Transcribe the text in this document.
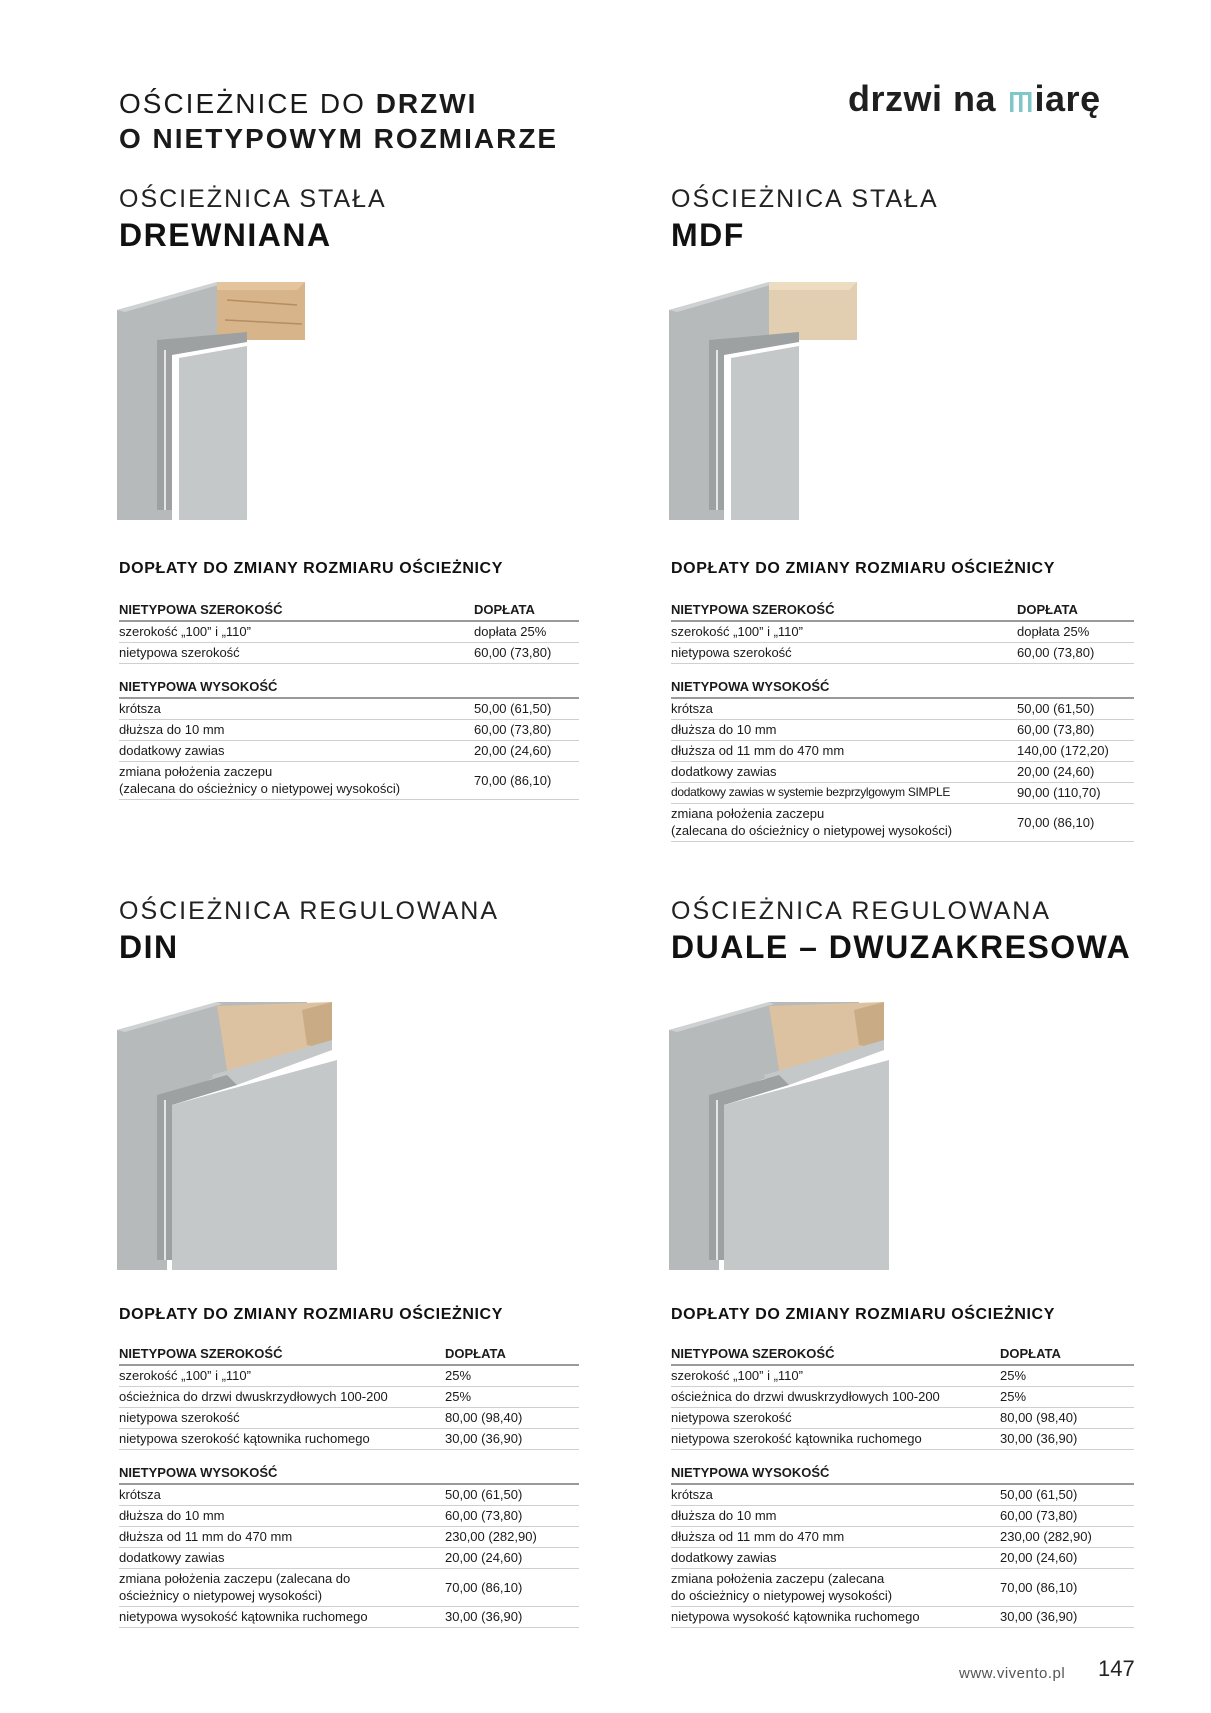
OŚCIEŻNICE DO DRZWI
O NIETYPOWYM ROZMIARZE
drzwi na iarę
OŚCIEŻNICA STAŁA
DREWNIANA
DOPŁATY DO ZMIANY ROZMIARU OŚCIEŻNICY
NIETYPOWA SZEROKOŚĆ	DOPŁATA
szerokość „100” i „110”	dopłata 25%
nietypowa szerokość	60,00 (73,80)
NIETYPOWA WYSOKOŚĆ	
krótsza	50,00 (61,50)
dłuższa do 10 mm	60,00 (73,80)
dodatkowy zawias	20,00 (24,60)

zmiana położenia zaczepu
(zalecana do ościeżnicy o nietypowej wysokości)	70,00 (86,10)
OŚCIEŻNICA STAŁA
MDF
DOPŁATY DO ZMIANY ROZMIARU OŚCIEŻNICY
NIETYPOWA SZEROKOŚĆ	DOPŁATA
szerokość „100” i „110”	dopłata 25%
nietypowa szerokość	60,00 (73,80)
NIETYPOWA WYSOKOŚĆ	
krótsza	50,00 (61,50)
dłuższa do 10 mm	60,00 (73,80)
dłuższa od 11 mm do 470 mm	140,00 (172,20)
dodatkowy zawias	20,00 (24,60)
dodatkowy zawias w systemie bezprzylgowym SIMPLE	90,00 (110,70)

zmiana położenia zaczepu
(zalecana do ościeżnicy o nietypowej wysokości)	70,00 (86,10)
OŚCIEŻNICA REGULOWANA
DIN
DOPŁATY DO ZMIANY ROZMIARU OŚCIEŻNICY
NIETYPOWA SZEROKOŚĆ	DOPŁATA
szerokość „100” i „110”	25%
ościeżnica do drzwi dwuskrzydłowych 100-200	25%
nietypowa szerokość	80,00 (98,40)
nietypowa szerokość kątownika ruchomego	30,00 (36,90)
NIETYPOWA WYSOKOŚĆ	
krótsza	50,00 (61,50)
dłuższa do 10 mm	60,00 (73,80)
dłuższa od 11 mm do 470 mm	230,00 (282,90)
dodatkowy zawias	20,00 (24,60)

zmiana położenia zaczepu (zalecana do
ościeżnicy o nietypowej wysokości)	70,00 (86,10)
nietypowa wysokość kątownika ruchomego	30,00 (36,90)
OŚCIEŻNICA REGULOWANA
DUALE – DWUZAKRESOWA
DOPŁATY DO ZMIANY ROZMIARU OŚCIEŻNICY
NIETYPOWA SZEROKOŚĆ	DOPŁATA
szerokość „100” i „110”	25%
ościeżnica do drzwi dwuskrzydłowych 100-200	25%
nietypowa szerokość	80,00 (98,40)
nietypowa szerokość kątownika ruchomego	30,00 (36,90)
NIETYPOWA WYSOKOŚĆ	
krótsza	50,00 (61,50)
dłuższa do 10 mm	60,00 (73,80)
dłuższa od 11 mm do 470 mm	230,00 (282,90)
dodatkowy zawias	20,00 (24,60)

zmiana położenia zaczepu (zalecana
do ościeżnicy o nietypowej wysokości)	70,00 (86,10)
nietypowa wysokość kątownika ruchomego	30,00 (36,90)
www.vivento.pl 147
